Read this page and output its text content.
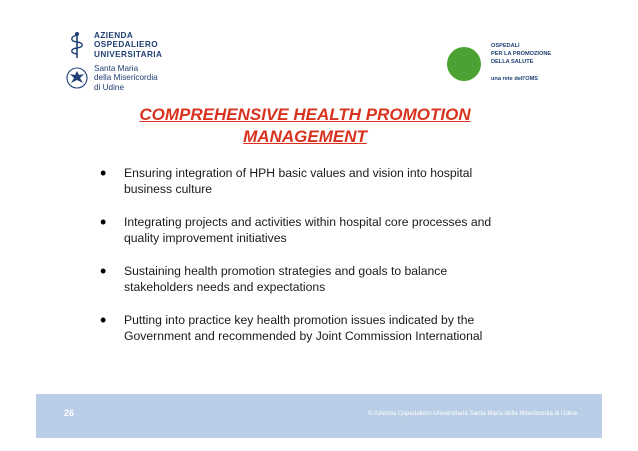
AZIENDA
OSPEDALIERO
UNIVERSITARIA
Santa Maria
della Misericordia
di Udine
OSPEDALI
PER LA PROMOZIONE
DELLA SALUTE
una rete dell'OMS
COMPREHENSIVE HEALTH PROMOTION
MANAGEMENT
• Ensuring integration of HPH basic values and vision into hospital
business culture
• Integrating projects and activities within hospital core processes and
quality improvement initiatives
• Sustaining health promotion strategies and goals to balance
stakeholders needs and expectations
• Putting into practice key health promotion issues indicated by the
Government and recommended by Joint Commission International
26	© Azienda Ospedaliero-Universitaria Santa Maria della Misericordia di Udine
